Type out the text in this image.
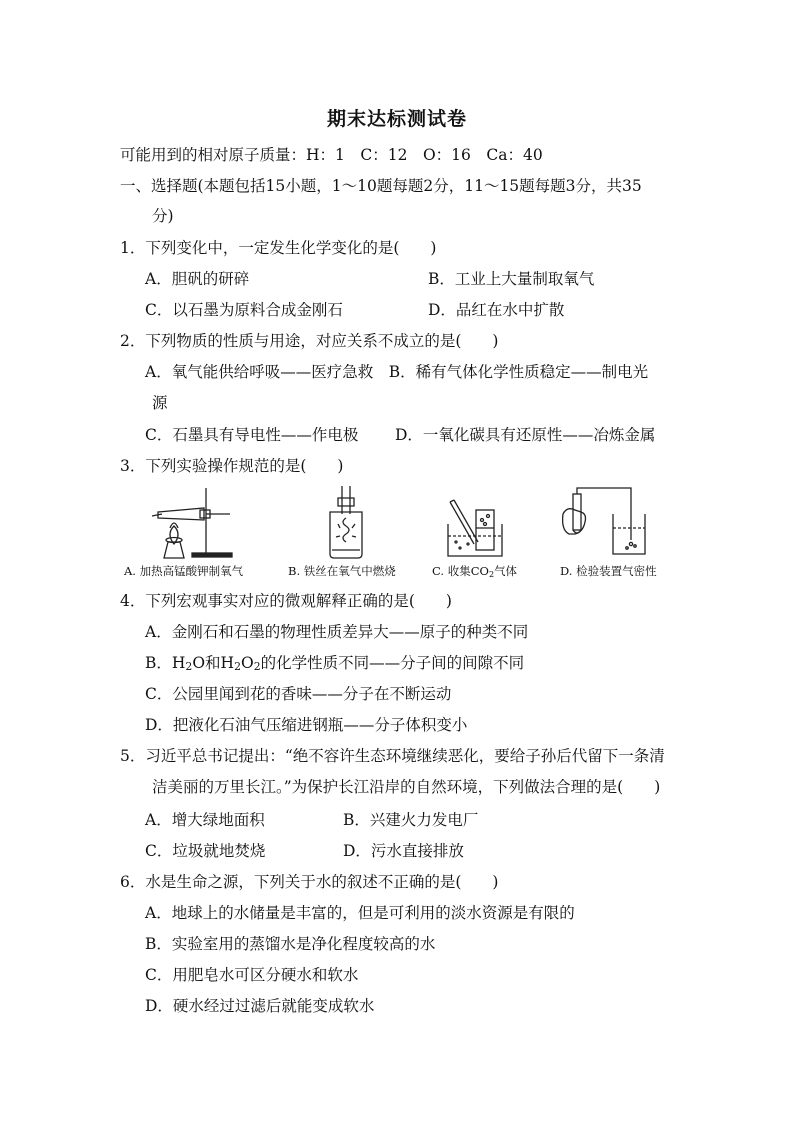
期末达标测试卷
可能用到的相对原子质量：H：1　C：12　O：16　Ca：40
一、选择题(本题包括15小题，1～10题每题2分，11～15题每题3分，共35
分)
1．下列变化中，一定发生化学变化的是(　　)
A．胆矾的研碎	B．工业上大量制取氧气
C．以石墨为原料合成金刚石	D．品红在水中扩散
2．下列物质的性质与用途，对应关系不成立的是(　　)
A．氧气能供给呼吸——医疗急救　B．稀有气体化学性质稳定——制电光
源
C．石墨具有导电性——作电极 D．一氧化碳具有还原性——冶炼金属
3．下列实验操作规范的是(　　)
A. 加热高锰酸钾制氧气	B. 铁丝在氧气中燃烧	C. 收集$CO_2$气体	D. 检验装置气密性
4．下列宏观事实对应的微观解释正确的是(　　)
A．金刚石和石墨的物理性质差异大——原子的种类不同
B．$H_2O$和$H_2O_2$的化学性质不同——分子间的间隙不同
C．公园里闻到花的香味——分子在不断运动
D．把液化石油气压缩进钢瓶——分子体积变小
5．习近平总书记提出：“绝不容许生态环境继续恶化，要给子孙后代留下一条清
洁美丽的万里长江。”为保护长江沿岸的自然环境，下列做法合理的是(　　)
A．增大绿地面积	B．兴建火力发电厂
C．垃圾就地焚烧	D．污水直接排放
6．水是生命之源，下列关于水的叙述不正确的是(　　)
A．地球上的水储量是丰富的，但是可利用的淡水资源是有限的
B．实验室用的蒸馏水是净化程度较高的水
C．用肥皂水可区分硬水和软水
D．硬水经过过滤后就能变成软水
